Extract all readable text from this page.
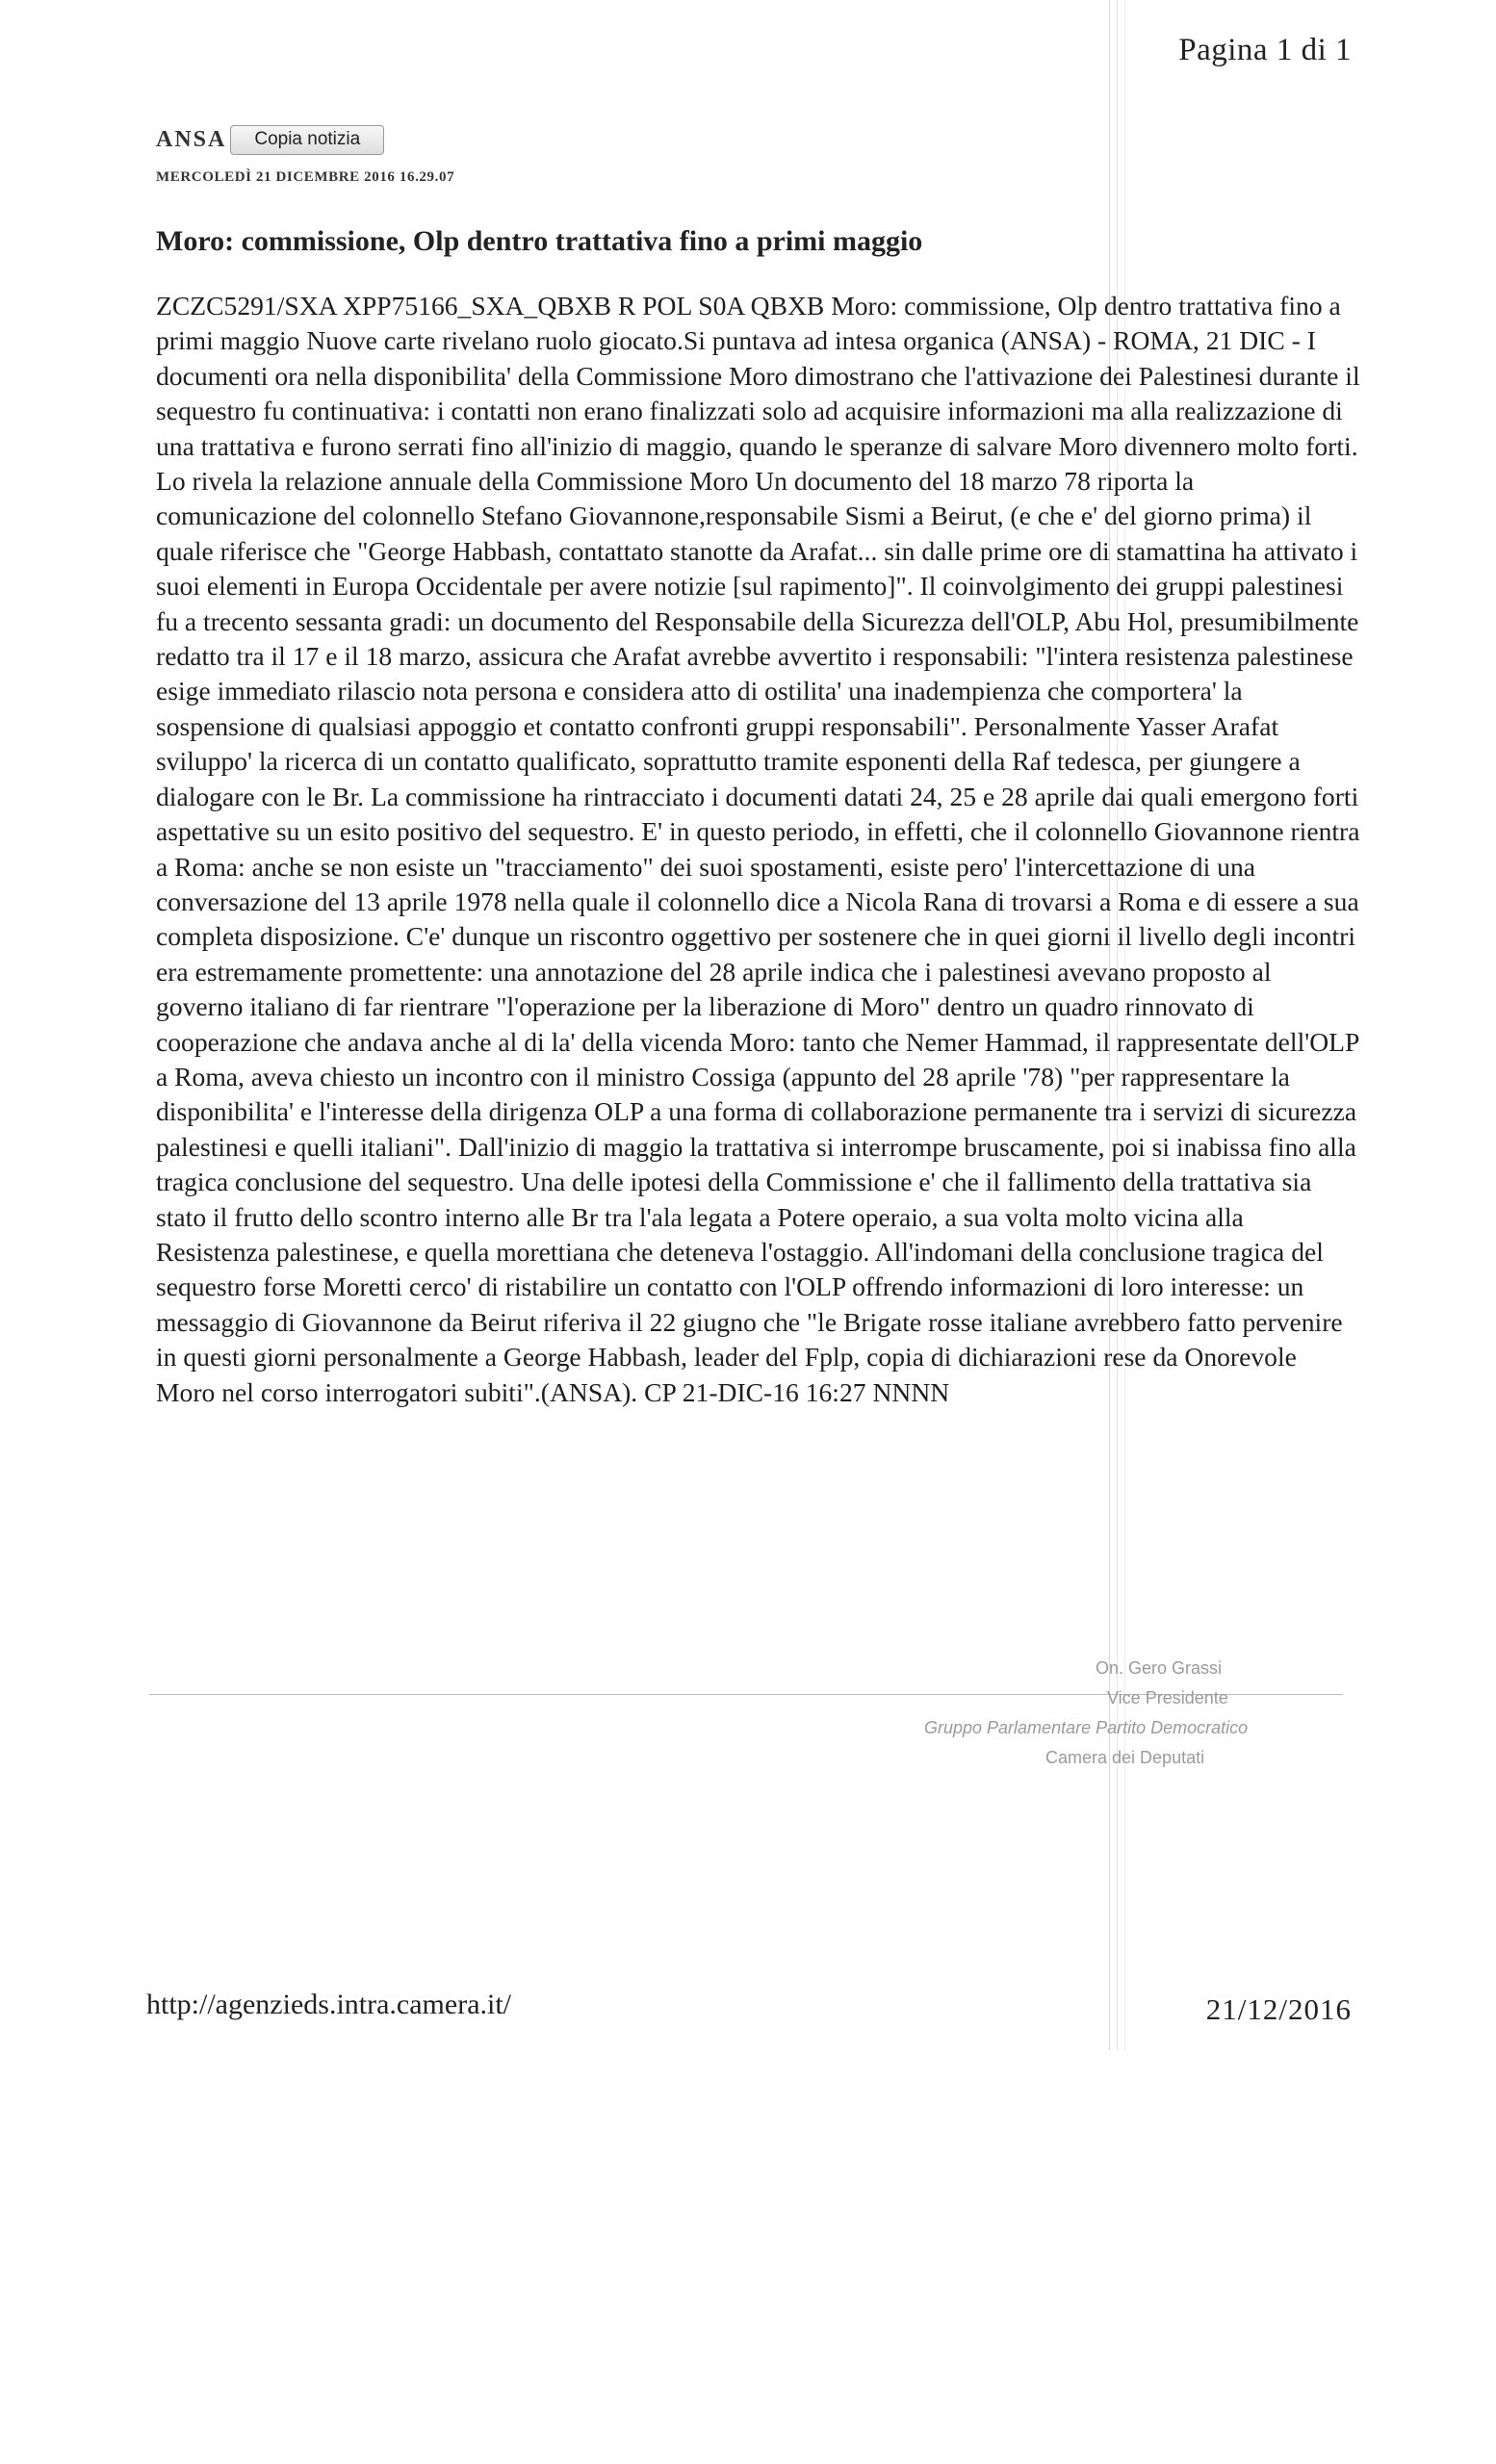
Pagina 1 di 1
ANSA	Copia notizia
MERCOLEDÌ 21 DICEMBRE 2016 16.29.07
Moro: commissione, Olp dentro trattativa fino a primi maggio

ZCZC5291/SXA XPP75166_SXA_QBXB R POL S0A QBXB Moro: commissione, Olp dentro trattativa fino a primi maggio Nuove carte rivelano ruolo giocato.Si puntava ad intesa organica (ANSA) - ROMA, 21 DIC - I documenti ora nella disponibilita' della Commissione Moro dimostrano che l'attivazione dei Palestinesi durante il sequestro fu continuativa: i contatti non erano finalizzati solo ad acquisire informazioni ma alla realizzazione di una trattativa e furono serrati fino all'inizio di maggio, quando le speranze di salvare Moro divennero molto forti. Lo rivela la relazione annuale della Commissione Moro Un documento del 18 marzo 78 riporta la comunicazione del colonnello Stefano Giovannone,responsabile Sismi a Beirut, (e che e' del giorno prima) il quale riferisce che "George Habbash, contattato stanotte da Arafat... sin dalle prime ore di stamattina ha attivato i suoi elementi in Europa Occidentale per avere notizie [sul rapimento]". Il coinvolgimento dei gruppi palestinesi fu a trecento sessanta gradi: un documento del Responsabile della Sicurezza dell'OLP, Abu Hol, presumibilmente redatto tra il 17 e il 18 marzo, assicura che Arafat avrebbe avvertito i responsabili: "l'intera resistenza palestinese esige immediato rilascio nota persona e considera atto di ostilita' una inadempienza che comportera' la sospensione di qualsiasi appoggio et contatto confronti gruppi responsabili". Personalmente Yasser Arafat sviluppo' la ricerca di un contatto qualificato, soprattutto tramite esponenti della Raf tedesca, per giungere a dialogare con le Br. La commissione ha rintracciato i documenti datati 24, 25 e 28 aprile dai quali emergono forti aspettative su un esito positivo del sequestro. E' in questo periodo, in effetti, che il colonnello Giovannone rientra a Roma: anche se non esiste un "tracciamento" dei suoi spostamenti, esiste pero' l'intercettazione di una conversazione del 13 aprile 1978 nella quale il colonnello dice a Nicola Rana di trovarsi a Roma e di essere a sua completa disposizione. C'e' dunque un riscontro oggettivo per sostenere che in quei giorni il livello degli incontri era estremamente promettente: una annotazione del 28 aprile indica che i palestinesi avevano proposto al governo italiano di far rientrare "l'operazione per la liberazione di Moro" dentro un quadro rinnovato di cooperazione che andava anche al di la' della vicenda Moro: tanto che Nemer Hammad, il rappresentate dell'OLP a Roma, aveva chiesto un incontro con il ministro Cossiga (appunto del 28 aprile '78) "per rappresentare la disponibilita' e l'interesse della dirigenza OLP a una forma di collaborazione permanente tra i servizi di sicurezza palestinesi e quelli italiani". Dall'inizio di maggio la trattativa si interrompe bruscamente, poi si inabissa fino alla tragica conclusione del sequestro. Una delle ipotesi della Commissione e' che il fallimento della trattativa sia stato il frutto dello scontro interno alle Br tra l'ala legata a Potere operaio, a sua volta molto vicina alla Resistenza palestinese, e quella morettiana che deteneva l'ostaggio. All'indomani della conclusione tragica del sequestro forse Moretti cerco' di ristabilire un contatto con l'OLP offrendo informazioni di loro interesse: un messaggio di Giovannone da Beirut riferiva il 22 giugno che "le Brigate rosse italiane avrebbero fatto pervenire in questi giorni personalmente a George Habbash, leader del Fplp, copia di dichiarazioni rese da Onorevole Moro nel corso interrogatori subiti".(ANSA). CP 21-DIC-16 16:27 NNNN

On. Gero Grassi
Vice Presidente
Gruppo Parlamentare Partito Democratico
Camera dei Deputati
http://agenzieds.intra.camera.it/	21/12/2016
